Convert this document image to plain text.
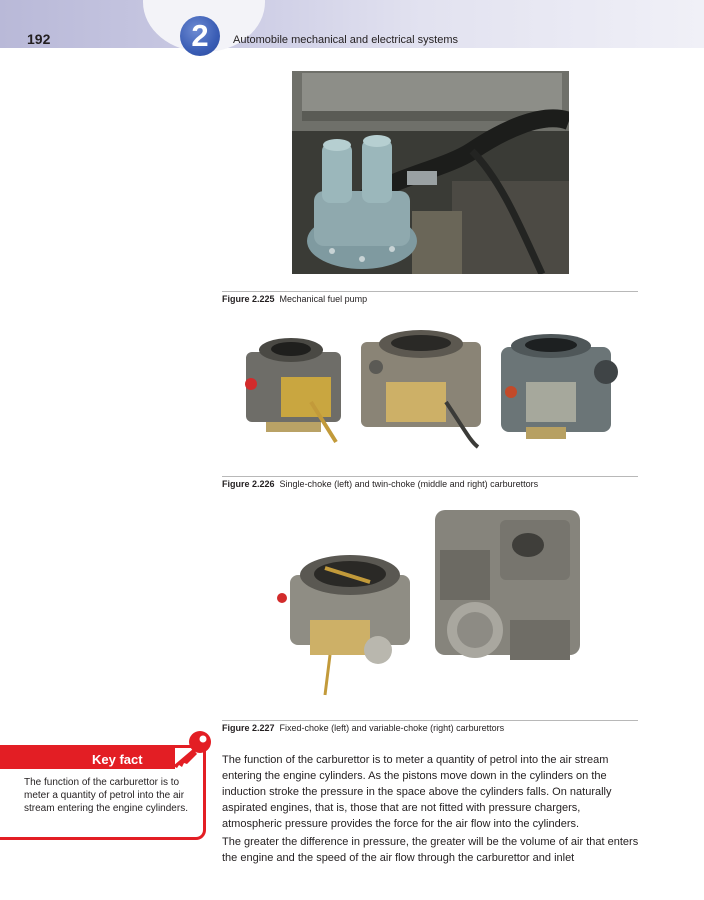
192	2	Automobile mechanical and electrical systems
Figure 2.225 Mechanical fuel pump
Figure 2.226 Single-choke (left) and twin-choke (middle and right) carburettors
Figure 2.227 Fixed-choke (left) and variable-choke (right) carburettors
Key fact
The function of the carburettor is to meter a quantity of petrol into the air stream entering the engine cylinders.

The function of the carburettor is to meter a quantity of petrol into the air stream entering the engine cylinders. As the pistons move down in the cylinders on the induction stroke the pressure in the space above the cylinders falls. On naturally aspirated engines, that is, those that are not fitted with pressure chargers, atmospheric pressure provides the force for the air flow into the cylinders.

The greater the difference in pressure, the greater will be the volume of air that enters the engine and the speed of the air flow through the carburettor and inlet
